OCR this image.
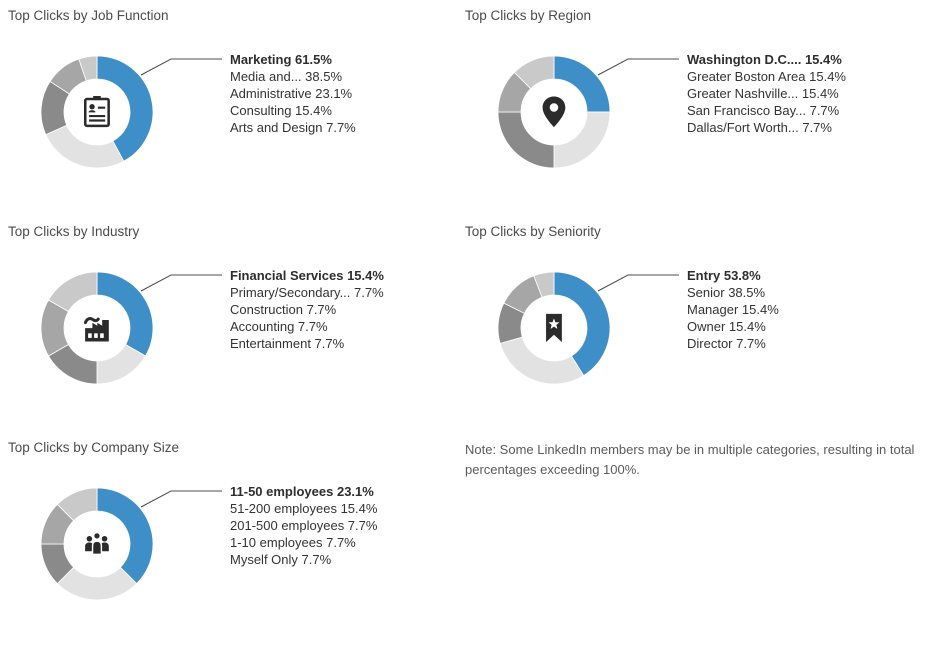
Top Clicks by Job Function
Marketing 61.5%
Media and... 38.5%
Administrative 23.1%
Consulting 15.4%
Arts and Design 7.7%
Top Clicks by Region
Washington D.C.... 15.4%
Greater Boston Area 15.4%
Greater Nashville... 15.4%
San Francisco Bay... 7.7%
Dallas/Fort Worth... 7.7%
Top Clicks by Industry
Financial Services 15.4%
Primary/Secondary... 7.7%
Construction 7.7%
Accounting 7.7%
Entertainment 7.7%
Top Clicks by Seniority
Entry 53.8%
Senior 38.5%
Manager 15.4%
Owner 15.4%
Director 7.7%
Top Clicks by Company Size
11-50 employees 23.1%
51-200 employees 15.4%
201-500 employees 7.7%
1-10 employees 7.7%
Myself Only 7.7%
Note: Some LinkedIn members may be in multiple categories, resulting in total percentages exceeding 100%.
